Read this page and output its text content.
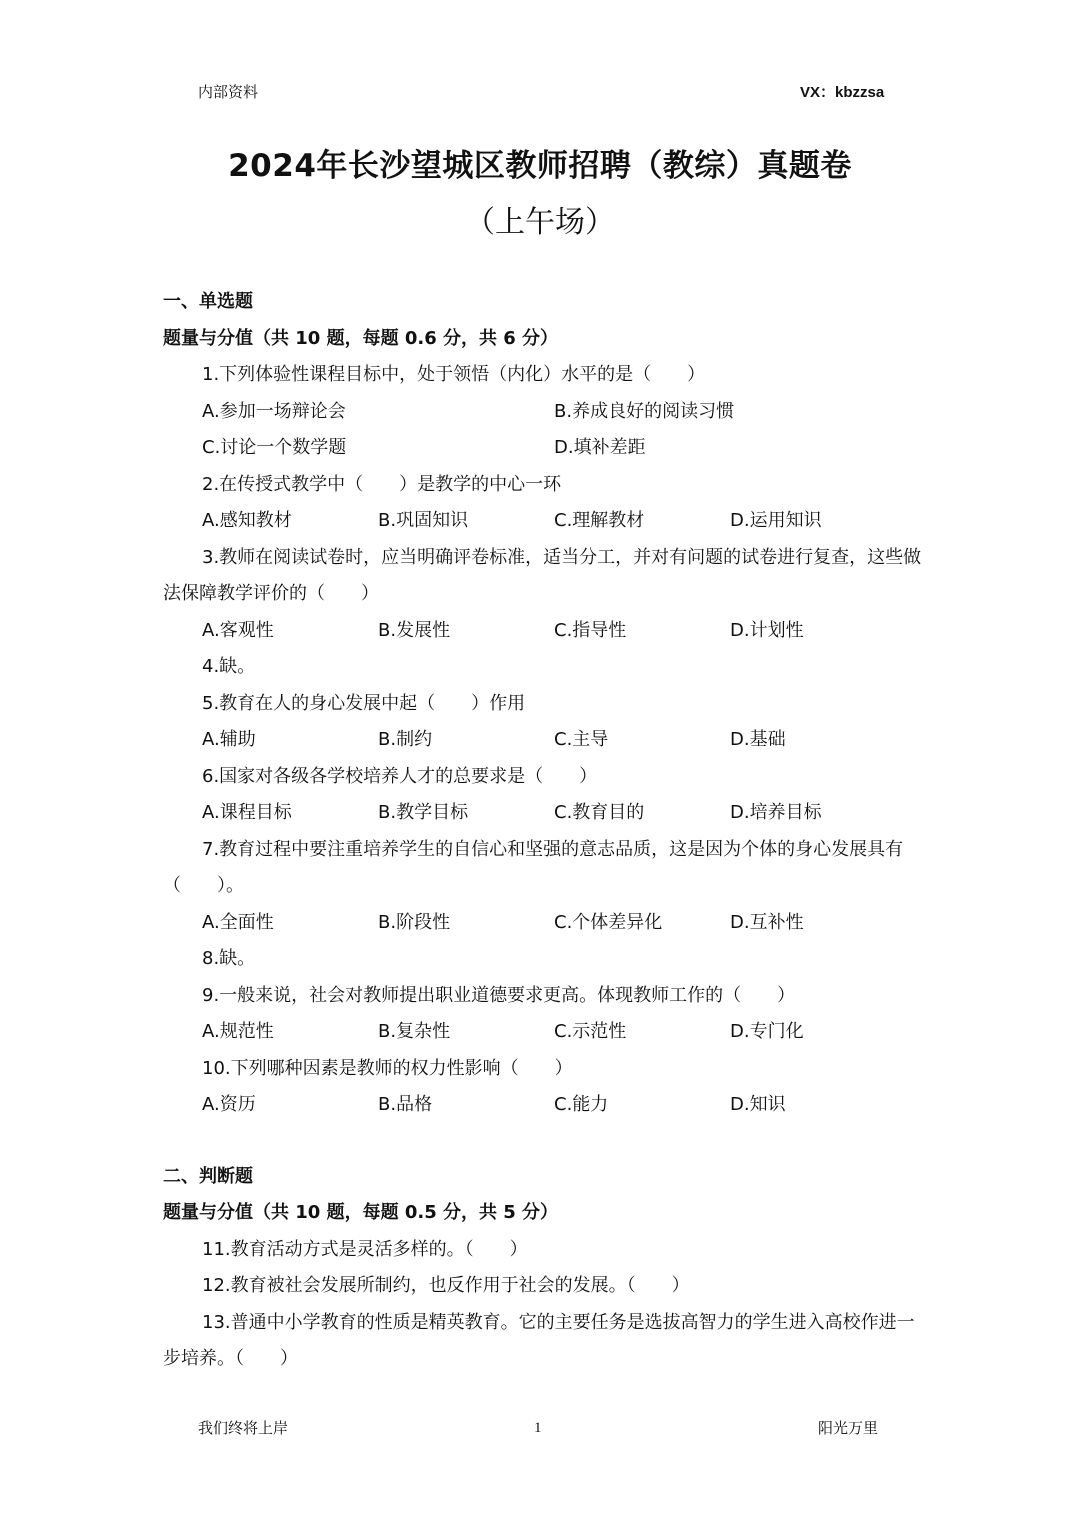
内部资料	VX：kbzzsa
2024年长沙望城区教师招聘（教综）真题卷
（上午场）
一、单选题
题量与分值（共 10 题，每题 0.6 分，共 6 分）
1.下列体验性课程目标中，处于领悟（内化）水平的是（　　）
A.参加一场辩论会	B.养成良好的阅读习惯
C.讨论一个数学题	D.填补差距
2.在传授式教学中（　　）是教学的中心一环
A.感知教材	B.巩固知识	C.理解教材	D.运用知识
3.教师在阅读试卷时，应当明确评卷标准，适当分工，并对有问题的试卷进行复查，这些做法保障教学评价的（　　）
A.客观性	B.发展性	C.指导性	D.计划性
4.缺。
5.教育在人的身心发展中起（　　）作用
A.辅助	B.制约	C.主导	D.基础
6.国家对各级各学校培养人才的总要求是（　　）
A.课程目标	B.教学目标	C.教育目的	D.培养目标
7.教育过程中要注重培养学生的自信心和坚强的意志品质，这是因为个体的身心发展具有（　　）。
A.全面性	B.阶段性	C.个体差异化	D.互补性
8.缺。
9.一般来说，社会对教师提出职业道德要求更高。体现教师工作的（　　）
A.规范性	B.复杂性	C.示范性	D.专门化
10.下列哪种因素是教师的权力性影响（　　）
A.资历	B.品格	C.能力	D.知识
二、判断题
题量与分值（共 10 题，每题 0.5 分，共 5 分）
11.教育活动方式是灵活多样的。（　　）
12.教育被社会发展所制约，也反作用于社会的发展。（　　）
13.普通中小学教育的性质是精英教育。它的主要任务是选拔高智力的学生进入高校作进一步培养。（　　）
我们终将上岸	1	阳光万里
